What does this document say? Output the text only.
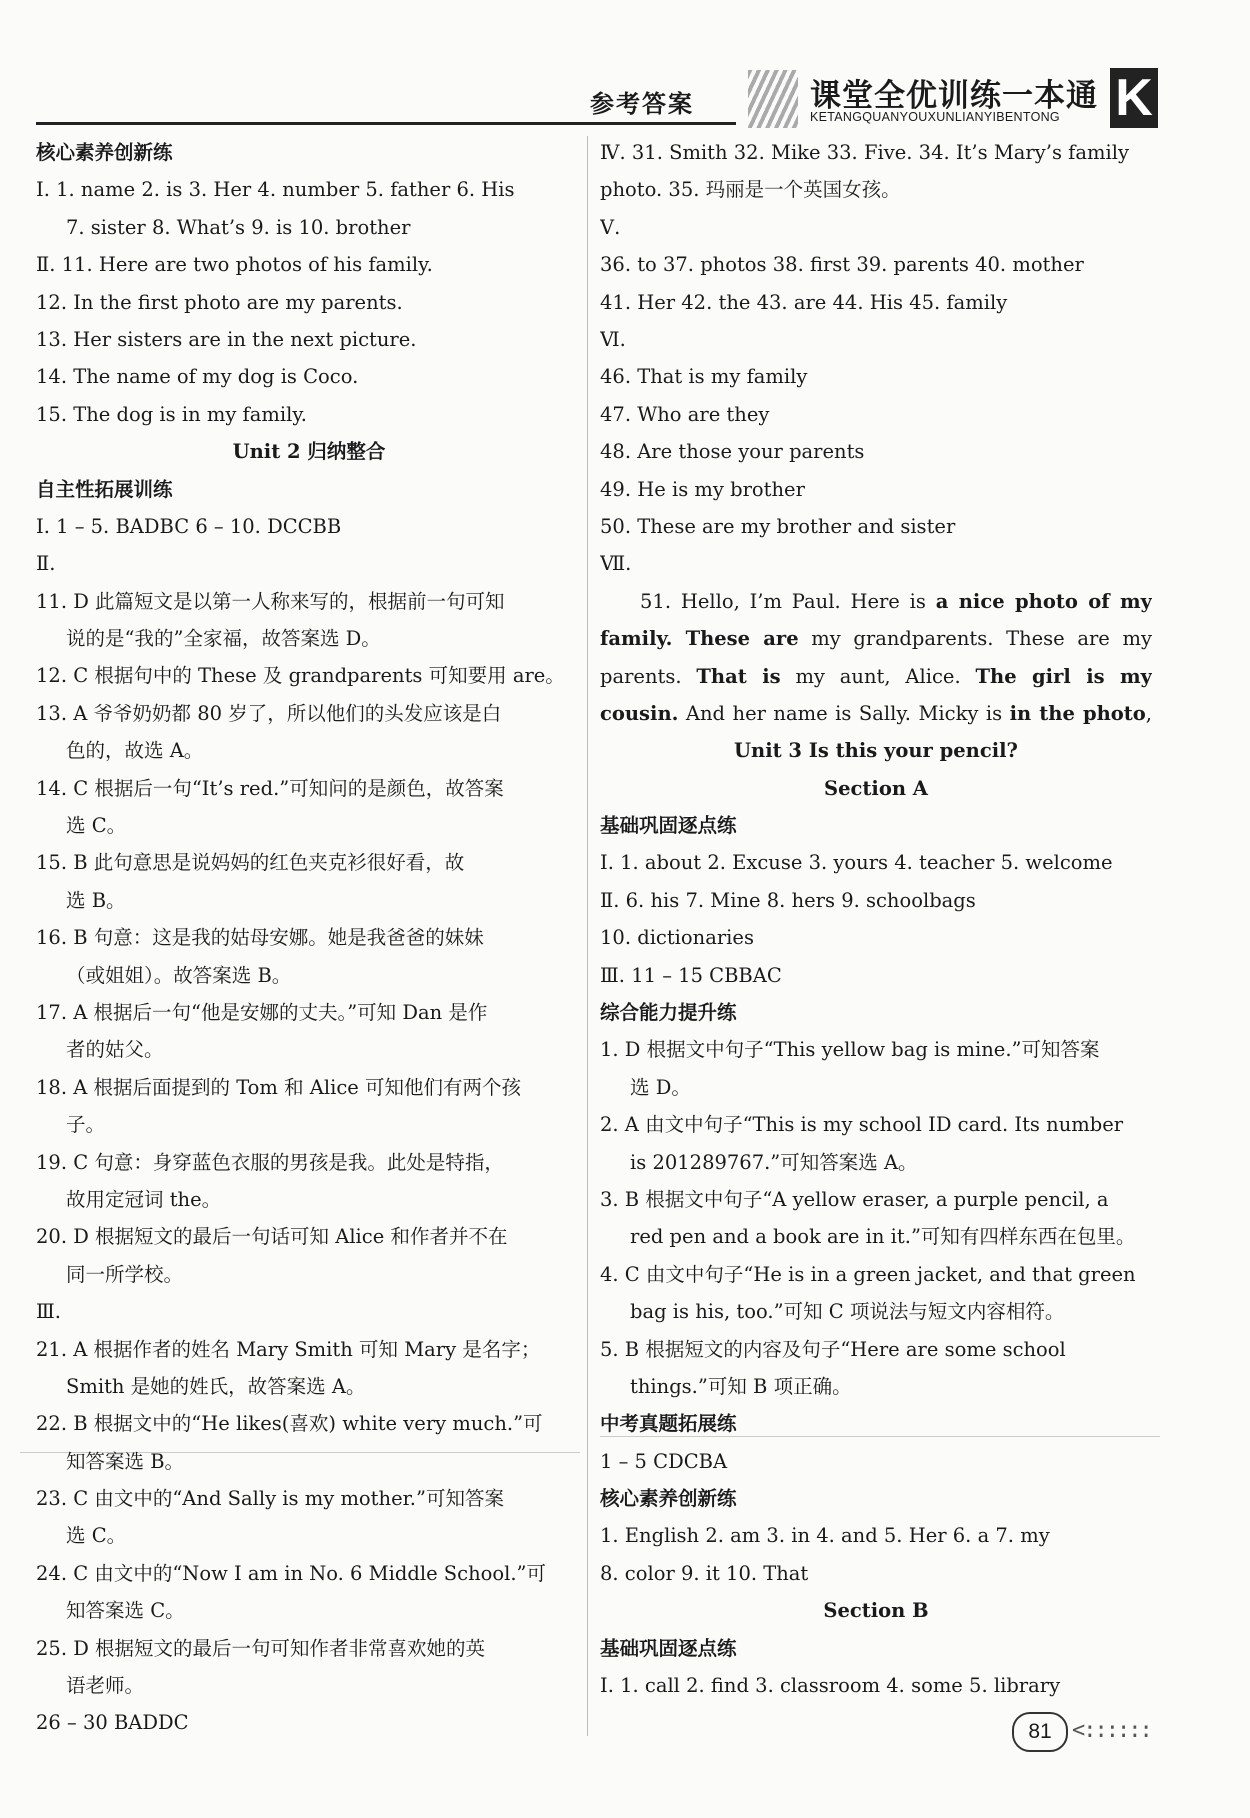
参考答案	课堂全优训练一本通
KETANGQUANYOUXUNLIANYIBENTONG K
核心素养创新练
Ⅰ. 1. name 2. is 3. Her 4. number 5. father 6. His
7. sister 8. What’s 9. is 10. brother
Ⅱ. 11. Here are two photos of his family.
12. In the first photo are my parents.
13. Her sisters are in the next picture.
14. The name of my dog is Coco.
15. The dog is in my family.
Unit 2 归纳整合
自主性拓展训练
Ⅰ. 1 – 5. BADBC 6 – 10. DCCBB
Ⅱ.
11. D 此篇短文是以第一人称来写的，根据前一句可知
说的是“我的”全家福，故答案选 D。
12. C 根据句中的 These 及 grandparents 可知要用 are。
13. A 爷爷奶奶都 80 岁了，所以他们的头发应该是白
色的，故选 A。
14. C 根据后一句“It’s red.”可知问的是颜色，故答案
选 C。
15. B 此句意思是说妈妈的红色夹克衫很好看，故
选 B。
16. B 句意：这是我的姑母安娜。她是我爸爸的妹妹
（或姐姐）。故答案选 B。
17. A 根据后一句“他是安娜的丈夫。”可知 Dan 是作
者的姑父。
18. A 根据后面提到的 Tom 和 Alice 可知他们有两个孩
子。
19. C 句意：身穿蓝色衣服的男孩是我。此处是特指，
故用定冠词 the。
20. D 根据短文的最后一句话可知 Alice 和作者并不在
同一所学校。
Ⅲ.
21. A 根据作者的姓名 Mary Smith 可知 Mary 是名字；
Smith 是她的姓氏，故答案选 A。
22. B 根据文中的“He likes(喜欢) white very much.”可
知答案选 B。
23. C 由文中的“And Sally is my mother.”可知答案
选 C。
24. C 由文中的“Now I am in No. 6 Middle School.”可
知答案选 C。
25. D 根据短文的最后一句可知作者非常喜欢她的英
语老师。
26 – 30 BADDC
Ⅳ. 31. Smith 32. Mike 33. Five. 34. It’s Mary’s family
photo. 35. 玛丽是一个英国女孩。
Ⅴ.
36. to 37. photos 38. first 39. parents 40. mother
41. Her 42. the 43. are 44. His 45. family
Ⅵ.
46. That is my family
47. Who are they
48. Are those your parents
49. He is my brother
50. These are my brother and sister
Ⅶ.
51. Hello, I’m Paul. Here is a nice photo of my family. These are my grandparents. These are my parents. That is my aunt, Alice. The girl is my cousin. And her name is Sally. Micky is in the photo,
Unit 3 Is this your pencil?
Section A
基础巩固逐点练
Ⅰ. 1. about 2. Excuse 3. yours 4. teacher 5. welcome
Ⅱ. 6. his 7. Mine 8. hers 9. schoolbags
10. dictionaries
Ⅲ. 11 – 15 CBBAC
综合能力提升练
1. D 根据文中句子“This yellow bag is mine.”可知答案
选 D。
2. A 由文中句子“This is my school ID card. Its number
is 201289767.”可知答案选 A。
3. B 根据文中句子“A yellow eraser, a purple pencil, a
red pen and a book are in it.”可知有四样东西在包里。
4. C 由文中句子“He is in a green jacket, and that green
bag is his, too.”可知 C 项说法与短文内容相符。
5. B 根据短文的内容及句子“Here are some school
things.”可知 B 项正确。
中考真题拓展练
1 – 5 CDCBA
核心素养创新练
1. English 2. am 3. in 4. and 5. Her 6. a 7. my
8. color 9. it 10. That
Section B
基础巩固逐点练
Ⅰ. 1. call 2. find 3. classroom 4. some 5. library
81 <::::::
